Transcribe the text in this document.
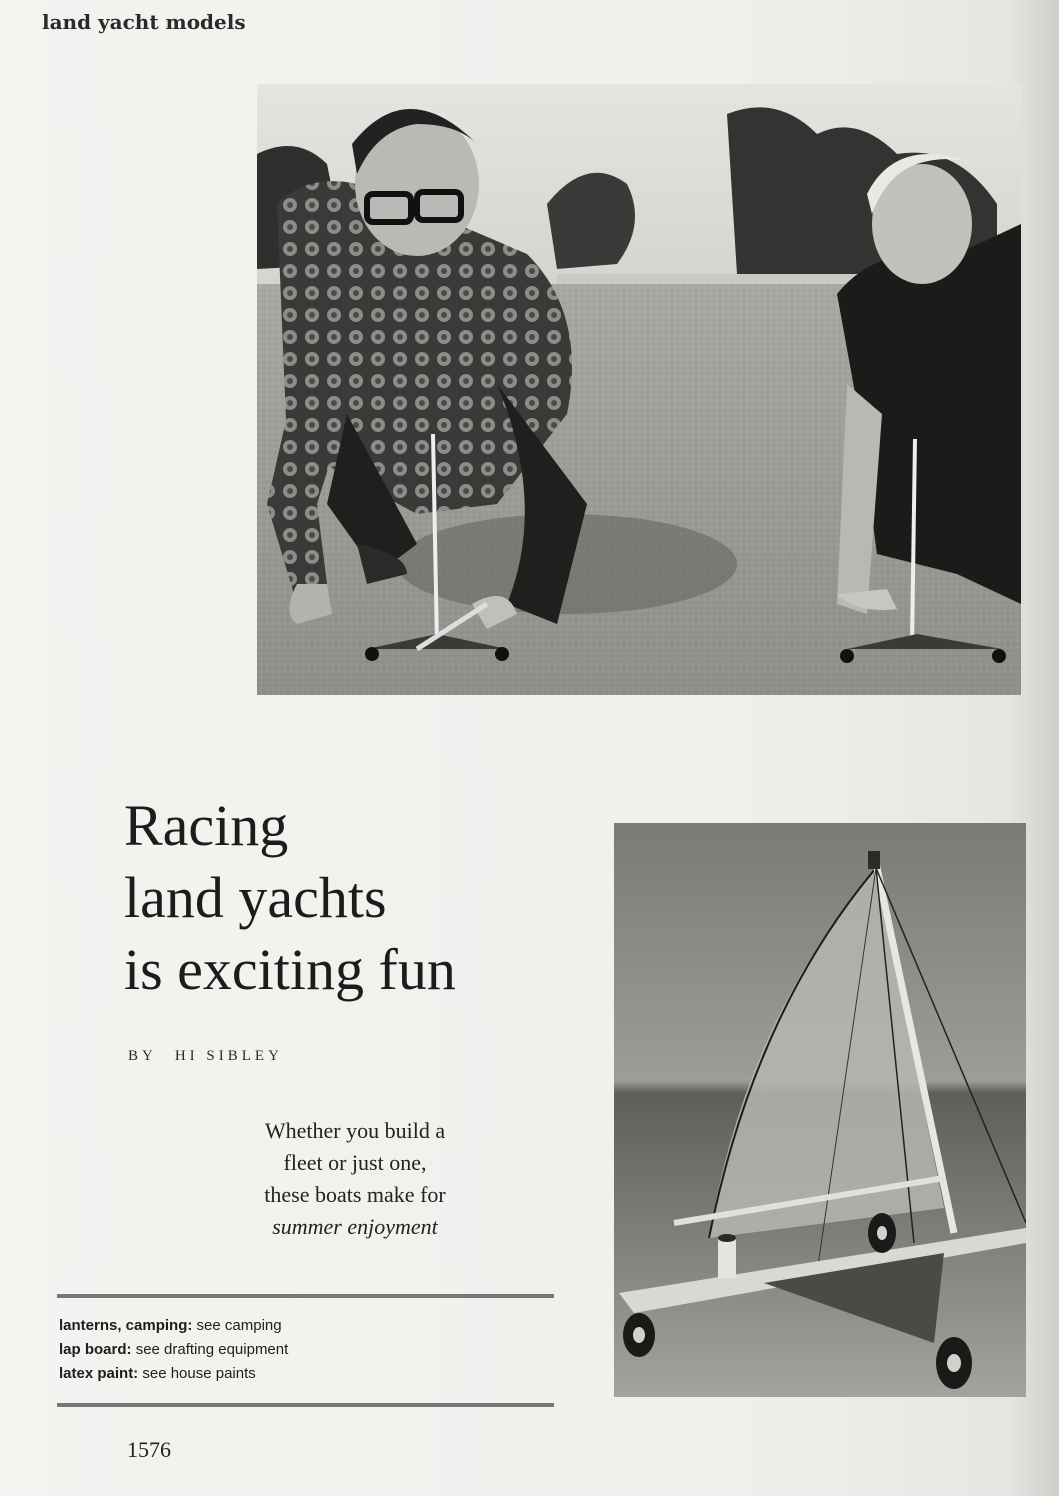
land yacht models
Racing
land yachts
is exciting fun
BY HI SIBLEY
Whether you build a
fleet or just one,
these boats make for
summer enjoyment
lanterns, camping: see camping
lap board: see drafting equipment
latex paint: see house paints
1576
